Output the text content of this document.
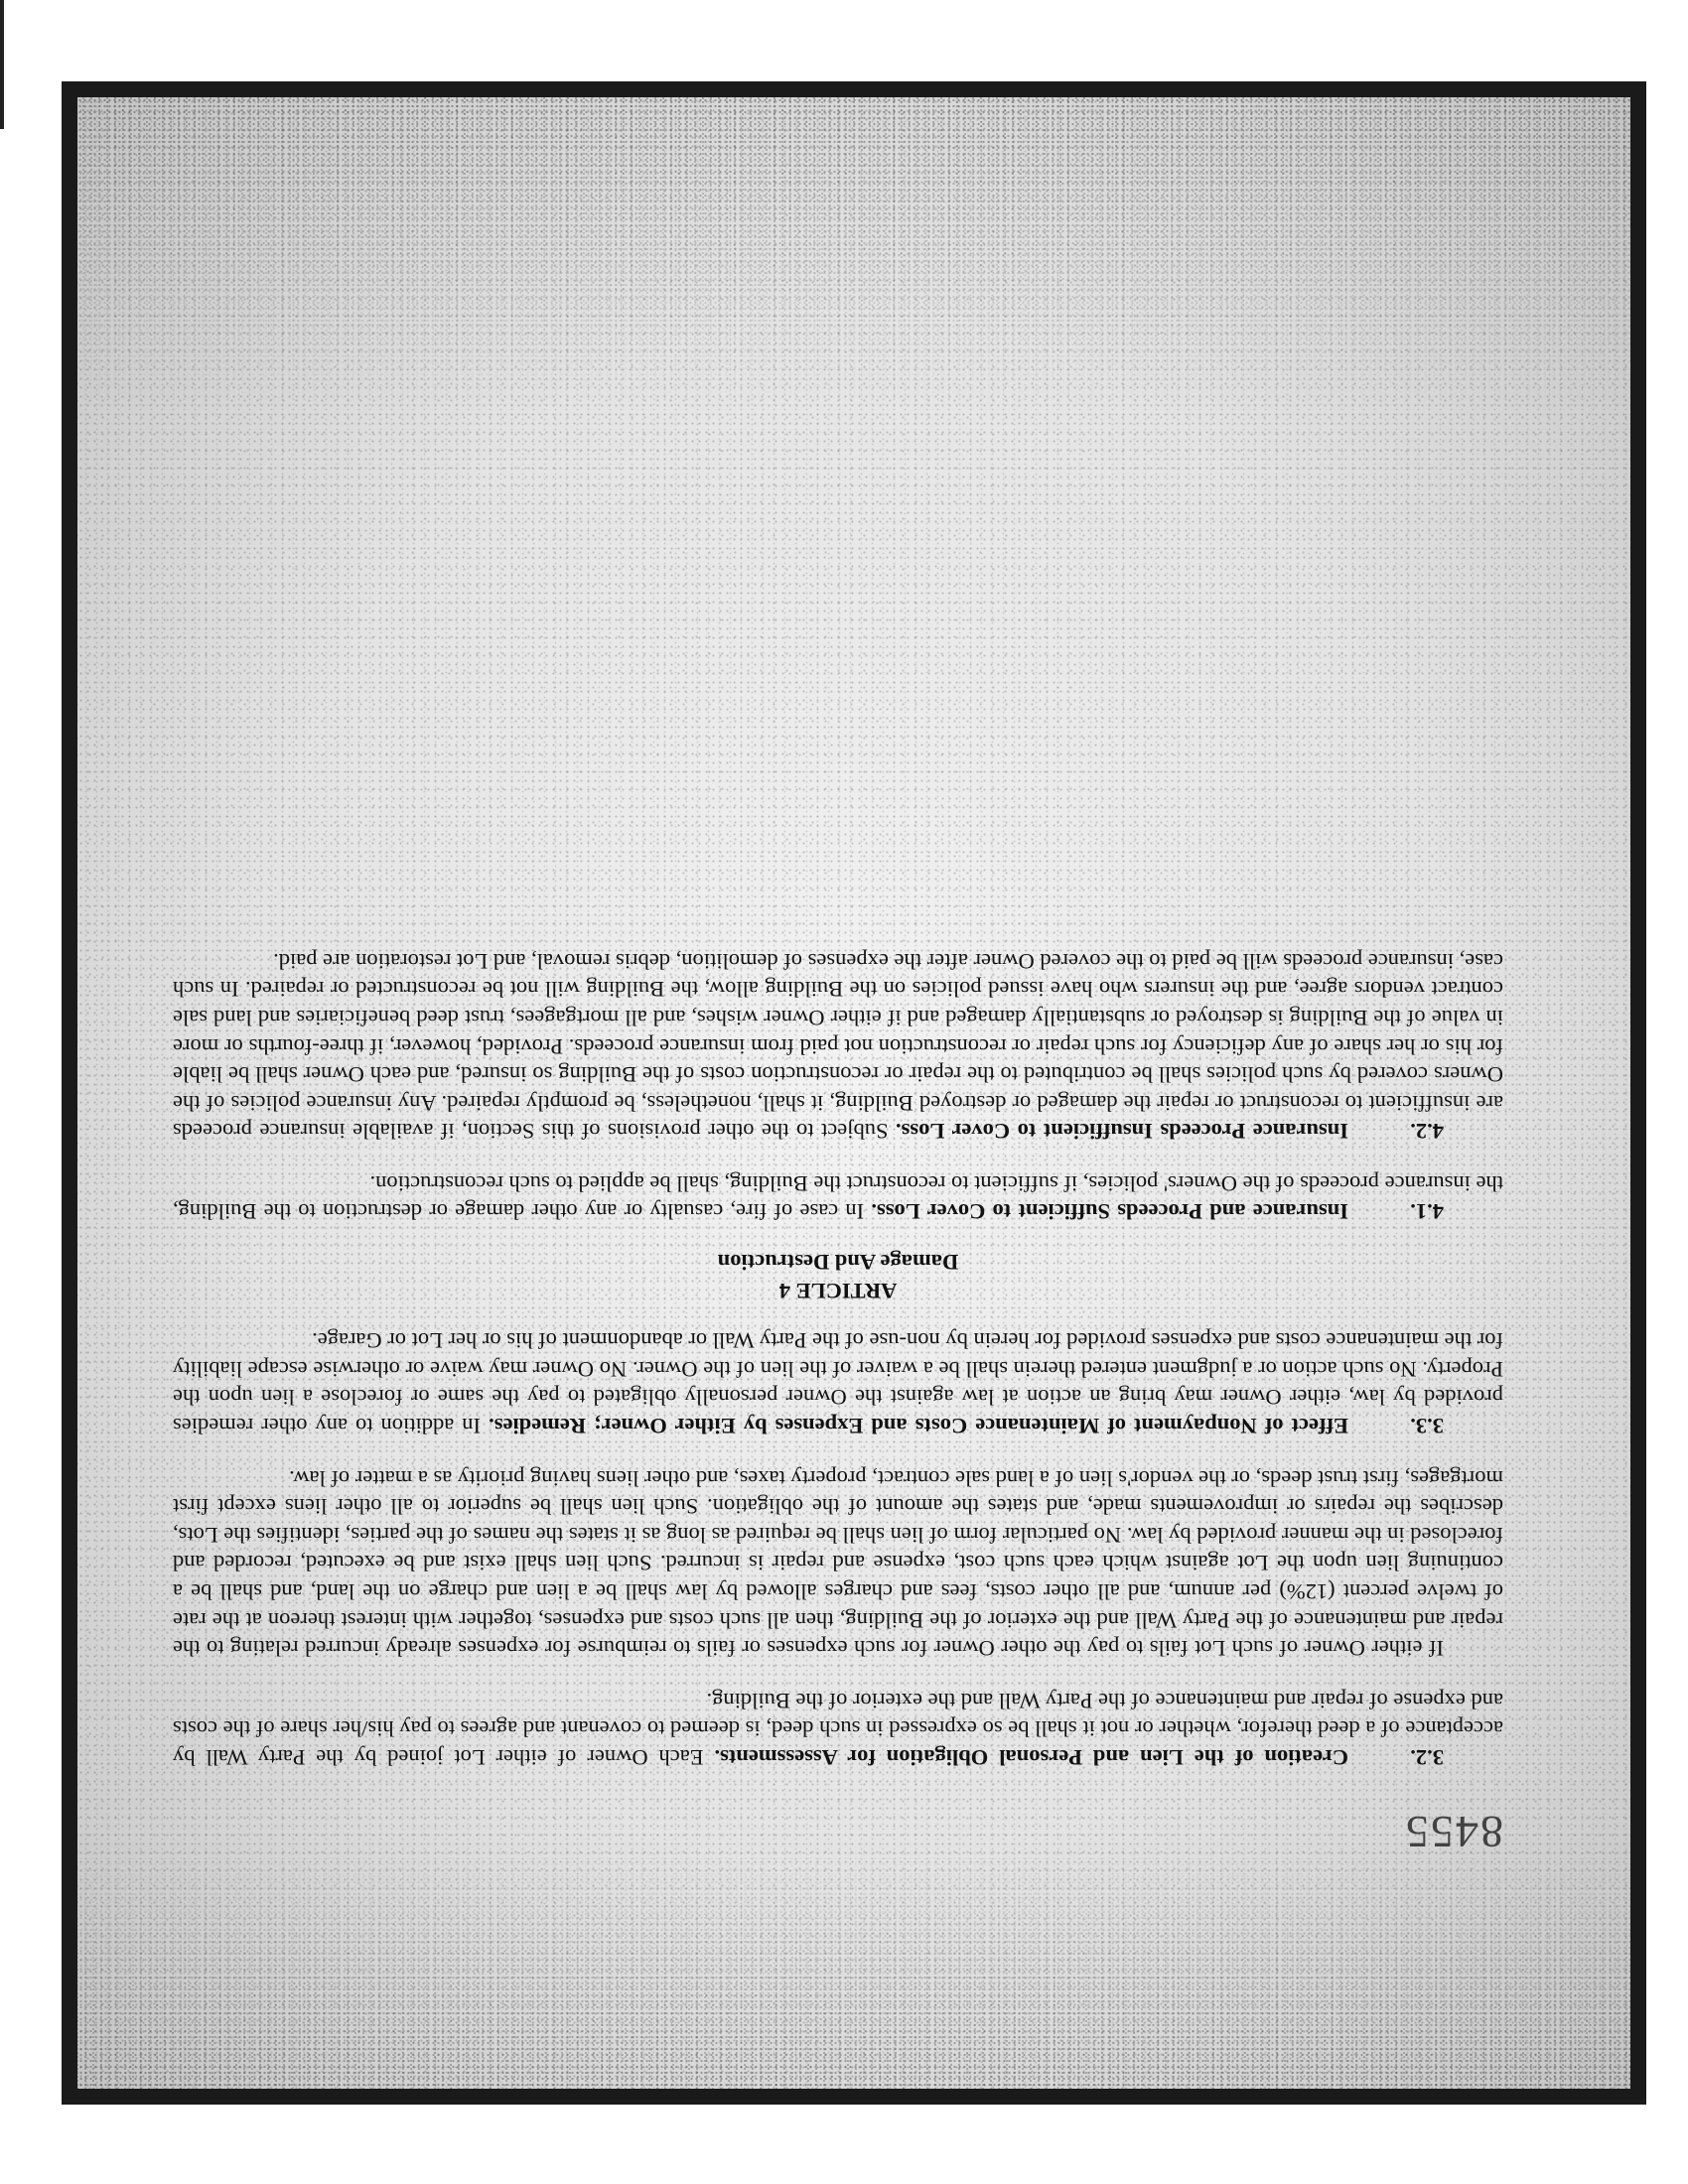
8455

3.2.Creation of the Lien and Personal Obligation for Assessments. Each Owner of either Lot joined by the Party Wall by acceptance of a deed therefor, whether or not it shall be so expressed in such deed, is deemed to covenant and agrees to pay his/her share of the costs and expense of repair and maintenance of the Party Wall and the exterior of the Building.

If either Owner of such Lot fails to pay the other Owner for such expenses or fails to reimburse for expenses already incurred relating to the repair and maintenance of the Party Wall and the exterior of the Building, then all such costs and expenses, together with interest thereon at the rate of twelve percent (12%) per annum, and all other costs, fees and charges allowed by law shall be a lien and charge on the land, and shall be a continuing lien upon the Lot against which each such cost, expense and repair is incurred. Such lien shall exist and be executed, recorded and foreclosed in the manner provided by law. No particular form of lien shall be required as long as it states the names of the parties, identifies the Lots, describes the repairs or improvements made, and states the amount of the obligation. Such lien shall be superior to all other liens except first mortgages, first trust deeds, or the vendor's lien of a land sale contract, property taxes, and other liens having priority as a matter of law.

3.3.Effect of Nonpayment of Maintenance Costs and Expenses by Either Owner; Remedies. In addition to any other remedies provided by law, either Owner may bring an action at law against the Owner personally obligated to pay the same or foreclose a lien upon the Property. No such action or a judgment entered therein shall be a waiver of the lien of the Owner. No Owner may waive or otherwise escape liability for the maintenance costs and expenses provided for herein by non-use of the Party Wall or abandonment of his or her Lot or Garage.

ARTICLE 4
Damage And Destruction

4.1.Insurance and Proceeds Sufficient to Cover Loss. In case of fire, casualty or any other damage or destruction to the Building, the insurance proceeds of the Owners' policies, if sufficient to reconstruct the Building, shall be applied to such reconstruction.

4.2.Insurance Proceeds Insufficient to Cover Loss. Subject to the other provisions of this Section, if available insurance proceeds are insufficient to reconstruct or repair the damaged or destroyed Building, it shall, nonetheless, be promptly repaired. Any insurance policies of the Owners covered by such policies shall be contributed to the repair or reconstruction costs of the Building so insured, and each Owner shall be liable for his or her share of any deficiency for such repair or reconstruction not paid from insurance proceeds. Provided, however, if three-fourths or more in value of the Building is destroyed or substantially damaged and if either Owner wishes, and all mortgagees, trust deed beneficiaries and land sale contract vendors agree, and the insurers who have issued policies on the Building allow, the Building will not be reconstructed or repaired. In such case, insurance proceeds will be paid to the covered Owner after the expenses of demolition, debris removal, and Lot restoration are paid.
